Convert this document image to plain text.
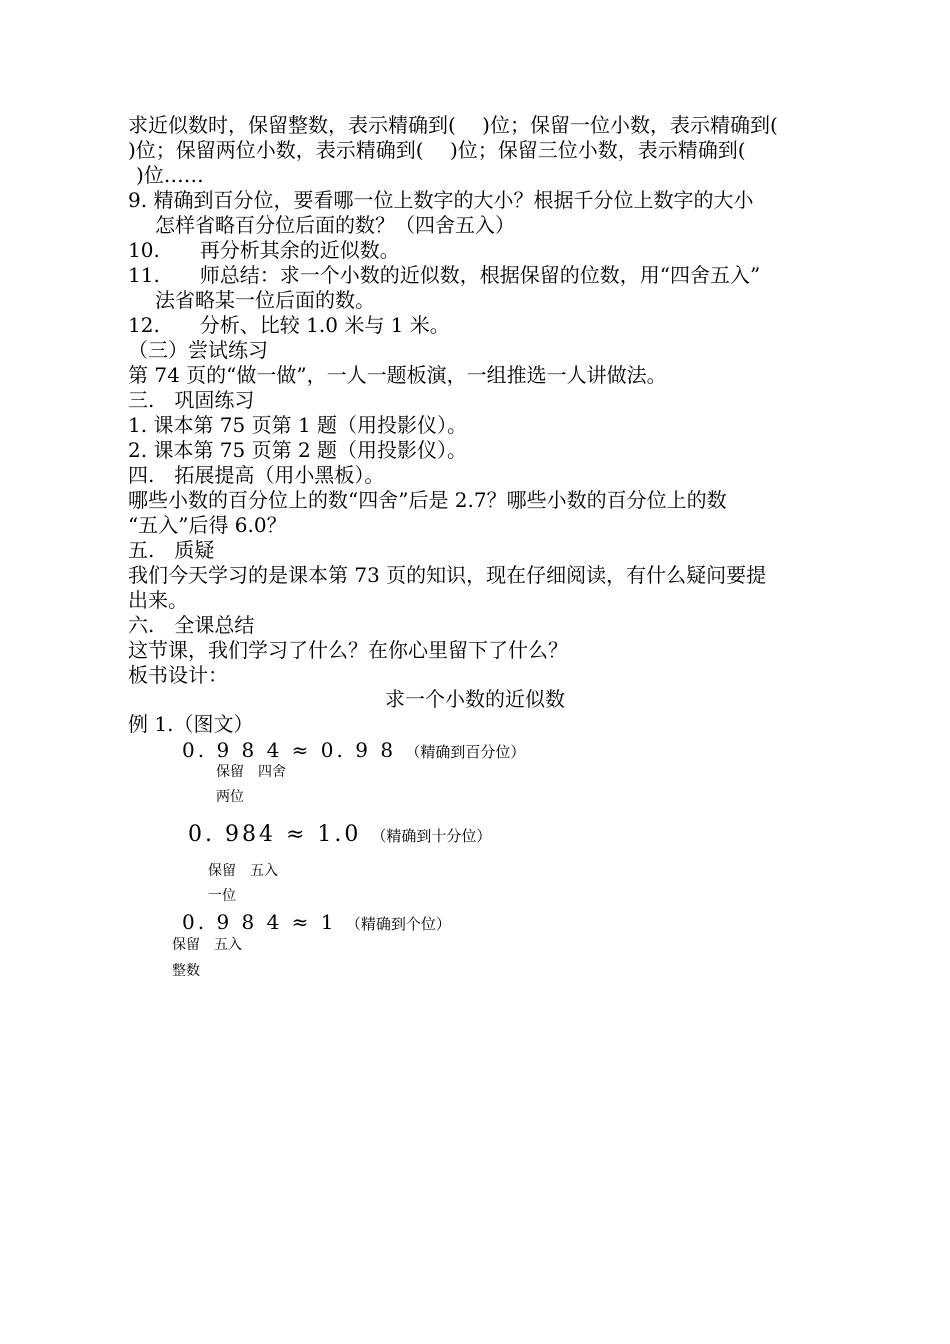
求近似数时，保留整数，表示精确到(　 )位；保留一位小数，表示精确到(
)位；保留两位小数，表示精确到(　 )位；保留三位小数，表示精确到(
)位……
9. 精确到百分位，要看哪一位上数字的大小？根据千分位上数字的大小
怎样省略百分位后面的数？（四舍五入）
10.　　再分析其余的近似数。
11.　　师总结：求一个小数的近似数，根据保留的位数，用“四舍五入”
法省略某一位后面的数。
12.　　分析、比较 1.0 米与 1 米。
（三）尝试练习
第 74 页的“做一做”，一人一题板演，一组推选一人讲做法。
三.　巩固练习
1. 课本第 75 页第 1 题（用投影仪）。
2. 课本第 75 页第 2 题（用投影仪）。
四.　拓展提高（用小黑板）。
哪些小数的百分位上的数“四舍”后是 2.7？哪些小数的百分位上的数
“五入”后得 6.0？
五.　质疑
我们今天学习的是课本第 73 页的知识，现在仔细阅读，有什么疑问要提
出来。
六.　全课总结
这节课，我们学习了什么？在你心里留下了什么？
板书设计：
求一个小数的近似数
例 1.（图文）
0. 9 8 4 ≈ 0. 9 8 （精确到百分位）
保留　四舍
两位
0. 984 ≈ 1.0 （精确到十分位）
保留　五入
一位
0. 9 8 4 ≈ 1 （精确到个位）
保留　五入
整数
